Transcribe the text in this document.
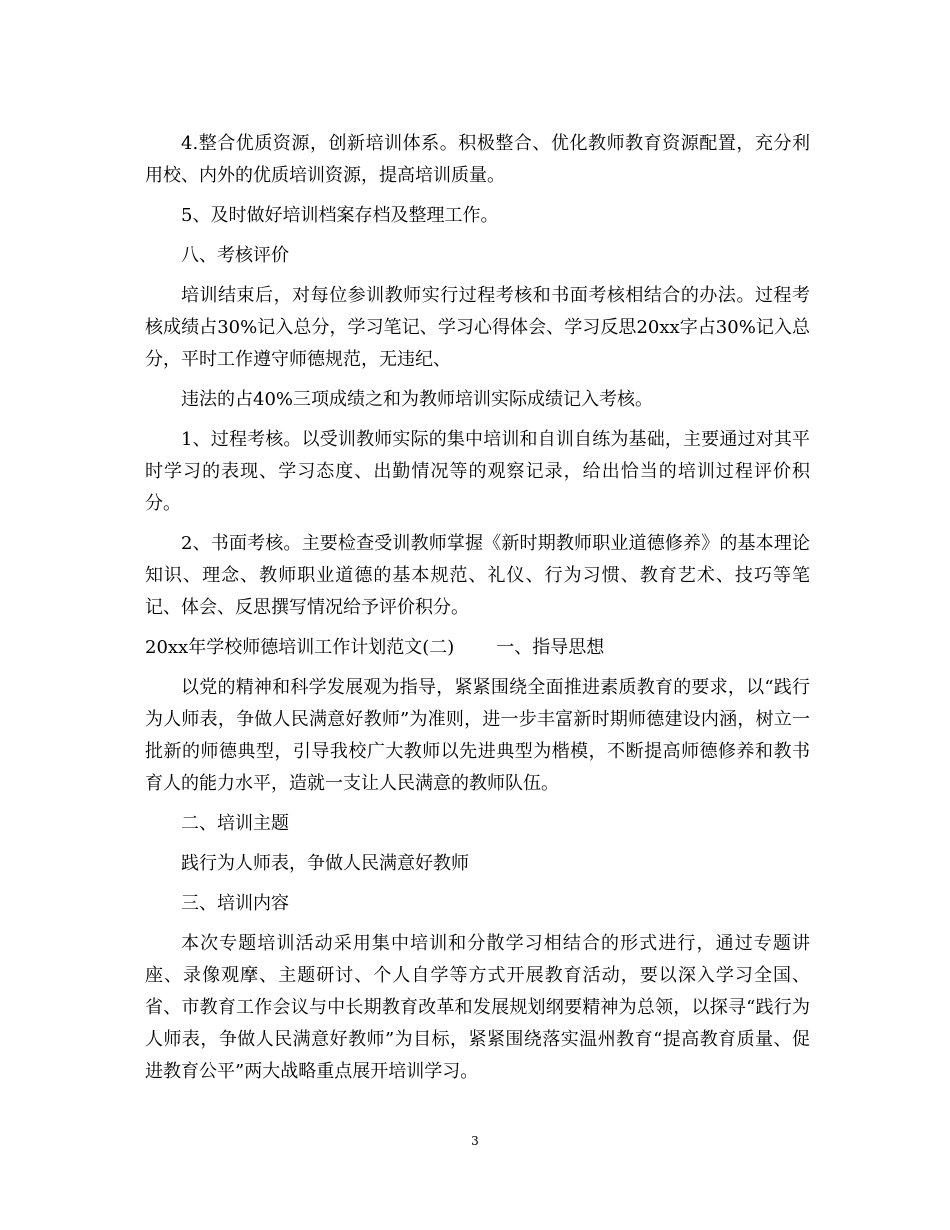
4.整合优质资源，创新培训体系。积极整合、优化教师教育资源配置，充分利用校、内外的优质培训资源，提高培训质量。

5、及时做好培训档案存档及整理工作。

八、考核评价

培训结束后，对每位参训教师实行过程考核和书面考核相结合的办法。过程考核成绩占30%记入总分，学习笔记、学习心得体会、学习反思20xx字占30%记入总分，平时工作遵守师德规范，无违纪、

违法的占40%三项成绩之和为教师培训实际成绩记入考核。

1、过程考核。以受训教师实际的集中培训和自训自练为基础，主要通过对其平时学习的表现、学习态度、出勤情况等的观察记录，给出恰当的培训过程评价积分。

2、书面考核。主要检查受训教师掌握《新时期教师职业道德修养》的基本理论知识、理念、教师职业道德的基本规范、礼仪、行为习惯、教育艺术、技巧等笔记、体会、反思撰写情况给予评价积分。

20xx年学校师德培训工作计划范文(二) 一、指导思想

以党的精神和科学发展观为指导，紧紧围绕全面推进素质教育的要求，以“践行为人师表，争做人民满意好教师”为准则，进一步丰富新时期师德建设内涵，树立一批新的师德典型，引导我校广大教师以先进典型为楷模，不断提高师德修养和教书育人的能力水平，造就一支让人民满意的教师队伍。

二、培训主题

践行为人师表，争做人民满意好教师

三、培训内容

本次专题培训活动采用集中培训和分散学习相结合的形式进行，通过专题讲座、录像观摩、主题研讨、个人自学等方式开展教育活动，要以深入学习全国、省、市教育工作会议与中长期教育改革和发展规划纲要精神为总领，以探寻“践行为人师表，争做人民满意好教师”为目标，紧紧围绕落实温州教育“提高教育质量、促进教育公平”两大战略重点展开培训学习。

3
